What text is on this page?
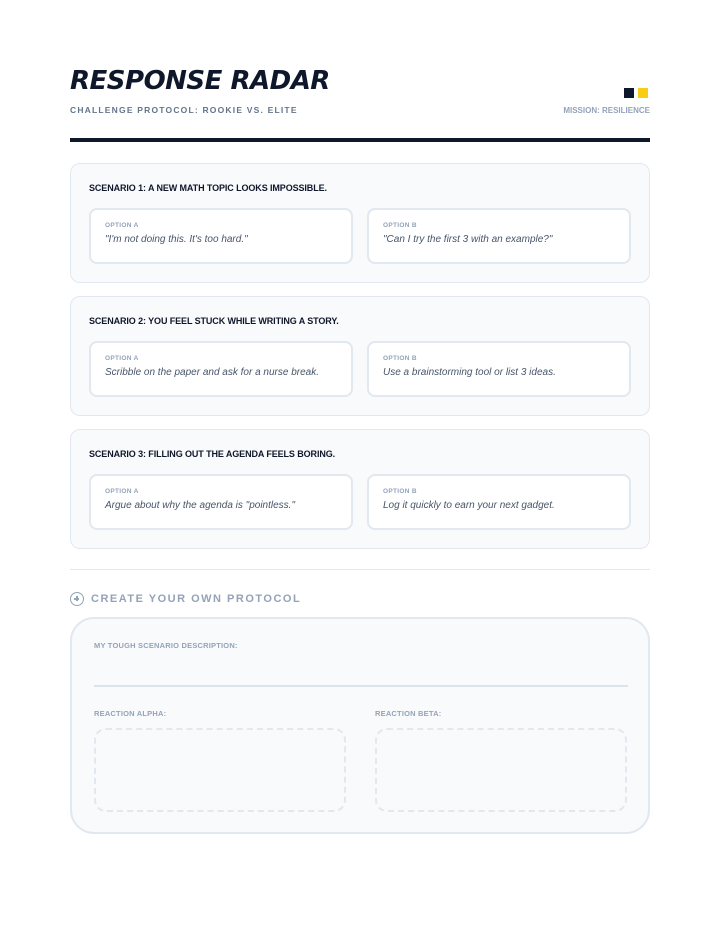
RESPONSE RADAR
CHALLENGE PROTOCOL: ROOKIE VS. ELITE	MISSION: RESILIENCE
SCENARIO 1: A NEW MATH TOPIC LOOKS IMPOSSIBLE.
OPTION A
"I'm not doing this. It's too hard."
OPTION B
"Can I try the first 3 with an example?"
SCENARIO 2: YOU FEEL STUCK WHILE WRITING A STORY.
OPTION A
Scribble on the paper and ask for a nurse break.
OPTION B
Use a brainstorming tool or list 3 ideas.
SCENARIO 3: FILLING OUT THE AGENDA FEELS BORING.
OPTION A
Argue about why the agenda is "pointless."
OPTION B
Log it quickly to earn your next gadget.
CREATE YOUR OWN PROTOCOL
MY TOUGH SCENARIO DESCRIPTION:
REACTION ALPHA:	REACTION BETA:
